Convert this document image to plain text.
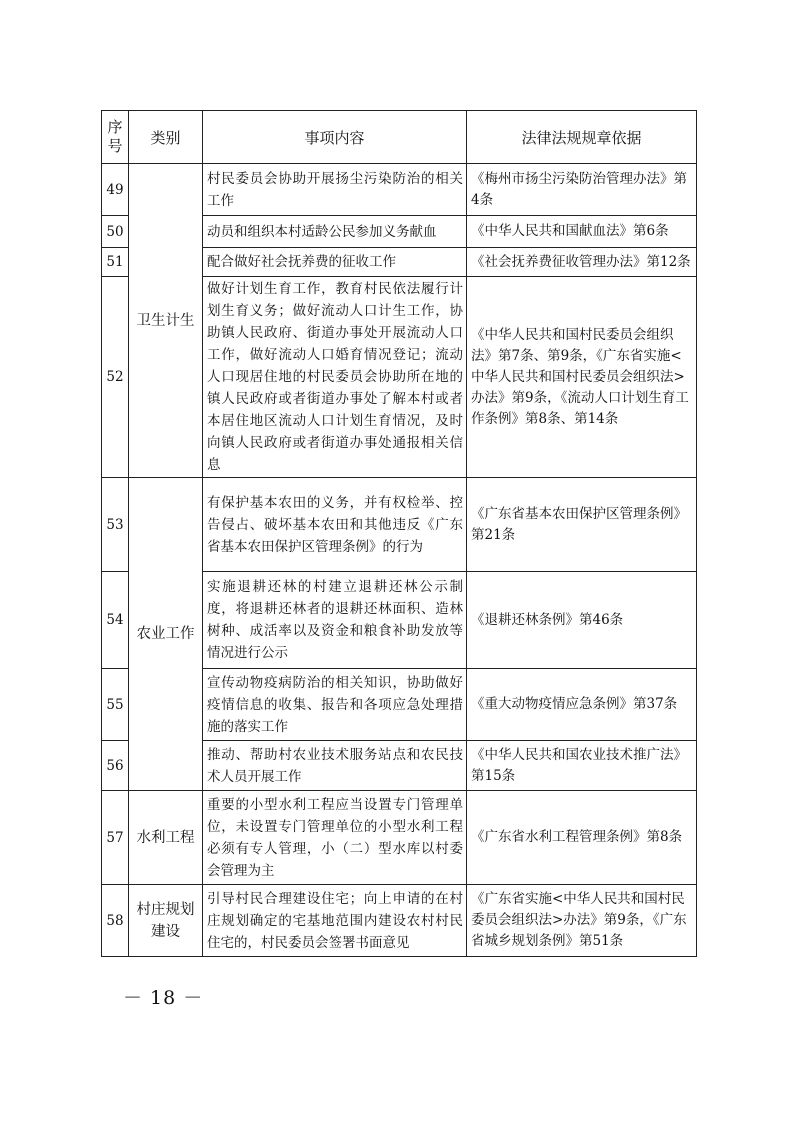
序
号	类别	事项内容	法律法规规章依据
49	卫生计生	村民委员会协助开展扬尘污染防治的相关工作	《梅州市扬尘污染防治管理办法》第4条
50		动员和组织本村适龄公民参加义务献血	《中华人民共和国献血法》第6条
51		配合做好社会抚养费的征收工作	《社会抚养费征收管理办法》第12条
52		做好计划生育工作，教育村民依法履行计划生育义务；做好流动人口计生工作，协助镇人民政府、街道办事处开展流动人口工作，做好流动人口婚育情况登记；流动人口现居住地的村民委员会协助所在地的镇人民政府或者街道办事处了解本村或者本居住地区流动人口计划生育情况，及时向镇人民政府或者街道办事处通报相关信息	《中华人民共和国村民委员会组织法》第7条、第9条，《广东省实施<中华人民共和国村民委员会组织法>办法》第9条，《流动人口计划生育工作条例》第8条、第14条
53	农业工作	有保护基本农田的义务，并有权检举、控告侵占、破坏基本农田和其他违反《广东省基本农田保护区管理条例》的行为	《广东省基本农田保护区管理条例》第21条
54		实施退耕还林的村建立退耕还林公示制度，将退耕还林者的退耕还林面积、造林树种、成活率以及资金和粮食补助发放等情况进行公示	《退耕还林条例》第46条
55		宣传动物疫病防治的相关知识，协助做好疫情信息的收集、报告和各项应急处理措施的落实工作	《重大动物疫情应急条例》第37条
56		推动、帮助村农业技术服务站点和农民技术人员开展工作	《中华人民共和国农业技术推广法》第15条
57	水利工程	重要的小型水利工程应当设置专门管理单位，未设置专门管理单位的小型水利工程必须有专人管理，小（二）型水库以村委会管理为主	《广东省水利工程管理条例》第8条
58	村庄规划
建设	引导村民合理建设住宅；向上申请的在村庄规划确定的宅基地范围内建设农村村民住宅的，村民委员会签署书面意见	《广东省实施<中华人民共和国村民委员会组织法>办法》第9条，《广东省城乡规划条例》第51条
－ 18 －
